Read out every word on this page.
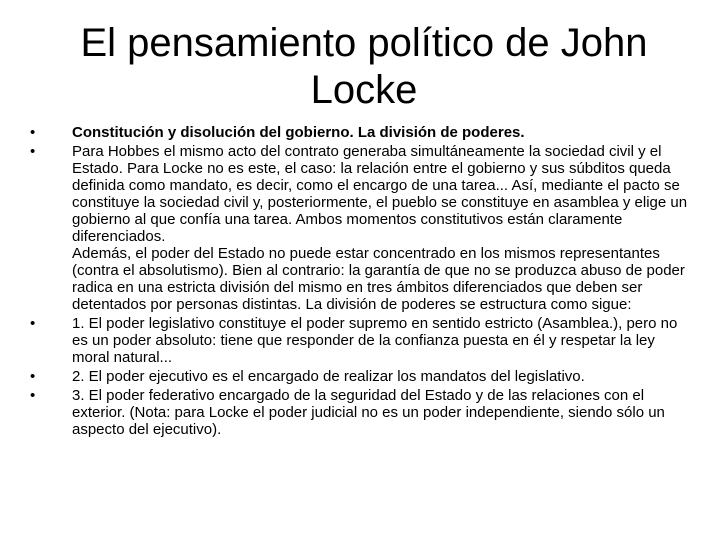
El pensamiento político de John Locke
•	Constitución y disolución del gobierno. La división de poderes.
•	Para Hobbes el mismo acto del contrato generaba simultáneamente la sociedad civil y el Estado. Para Locke no es este, el caso: la relación entre el gobierno y sus súbditos queda definida como mandato, es decir, como el encargo de una tarea... Así, mediante el pacto se constituye la sociedad civil y, posteriormente, el pueblo se constituye en asamblea y elige un gobierno al que confía una tarea. Ambos momentos constitutivos están claramente diferenciados.
Además, el poder del Estado no puede estar concentrado en los mismos representantes (contra el absolutismo). Bien al contrario: la garantía de que no se produzca abuso de poder radica en una estricta división del mismo en tres ámbitos diferenciados que deben ser detentados por personas distintas. La división de poderes se estructura como sigue:
•	1. El poder legislativo constituye el poder supremo en sentido estricto (Asamblea.), pero no es un poder absoluto: tiene que responder de la confianza puesta en él y respetar la ley moral natural...
•	2. El poder ejecutivo es el encargado de realizar los mandatos del legislativo.
•	3. El poder federativo encargado de la seguridad del Estado y de las relaciones con el exterior. (Nota: para Locke el poder judicial no es un poder independiente, siendo sólo un aspecto del ejecutivo).
